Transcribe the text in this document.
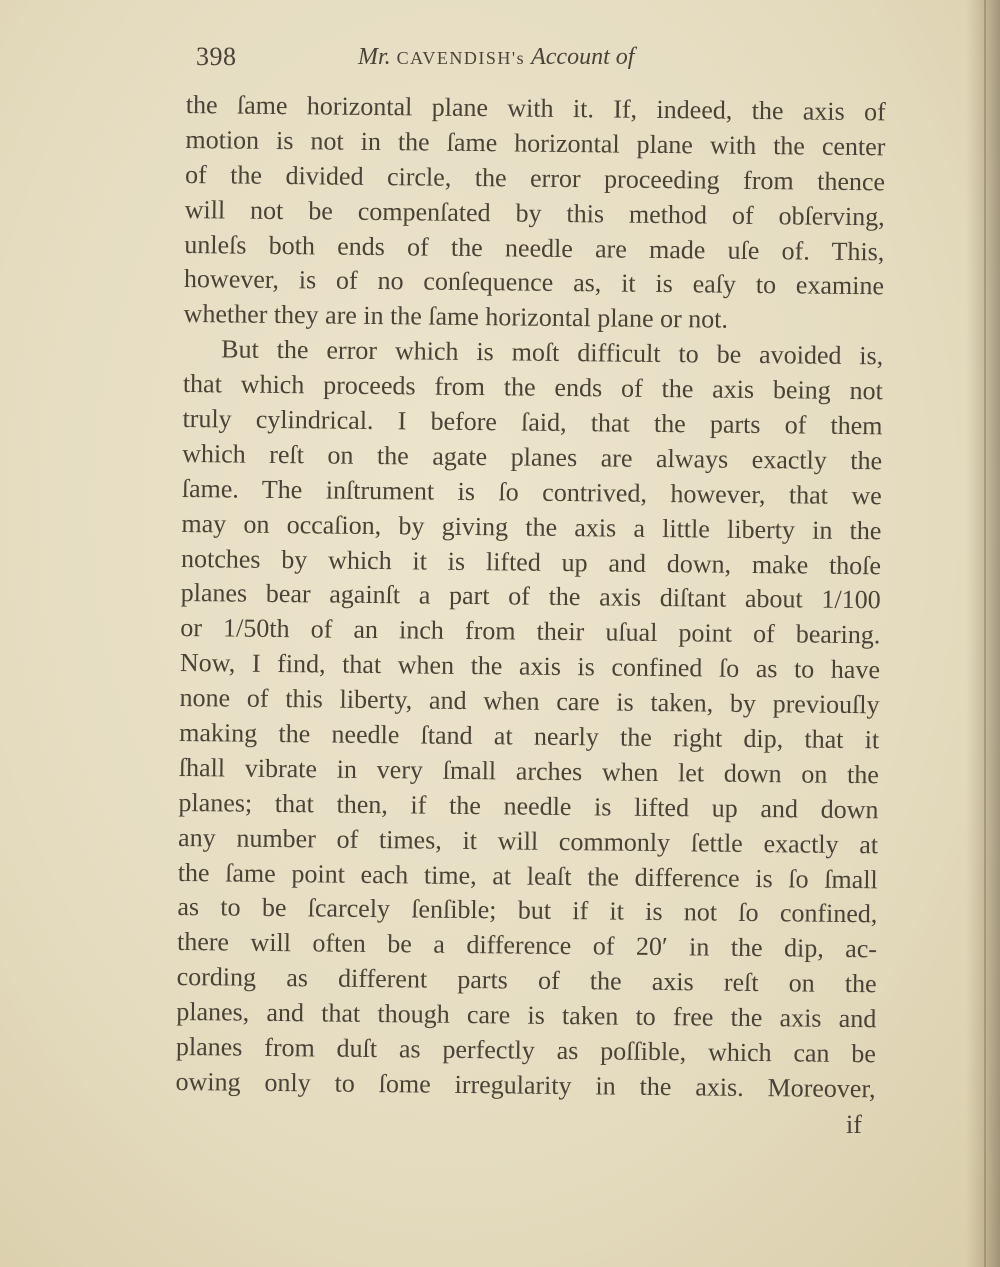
398	Mr. CAVENDISH's Account of
the ſame horizontal plane with it. If, indeed, the axis of
motion is not in the ſame horizontal plane with the center
of the divided circle, the error proceeding from thence
will not be compenſated by this method of obſerving,
unleſs both ends of the needle are made uſe of. This,
however, is of no conſequence as, it is eaſy to examine
whether they are in the ſame horizontal plane or not.
But the error which is moſt difficult to be avoided is,
that which proceeds from the ends of the axis being not
truly cylindrical. I before ſaid, that the parts of them
which reſt on the agate planes are always exactly the
ſame. The inſtrument is ſo contrived, however, that we
may on occaſion, by giving the axis a little liberty in the
notches by which it is lifted up and down, make thoſe
planes bear againſt a part of the axis diſtant about 1/100
or 1/50th of an inch from their uſual point of bearing.
Now, I find, that when the axis is confined ſo as to have
none of this liberty, and when care is taken, by previouſly
making the needle ſtand at nearly the right dip, that it
ſhall vibrate in very ſmall arches when let down on the
planes; that then, if the needle is lifted up and down
any number of times, it will commonly ſettle exactly at
the ſame point each time, at leaſt the difference is ſo ſmall
as to be ſcarcely ſenſible; but if it is not ſo confined,
there will often be a difference of 20′ in the dip, ac-
cording as different parts of the axis reſt on the
planes, and that though care is taken to free the axis and
planes from duſt as perfectly as poſſible, which can be
owing only to ſome irregularity in the axis. Moreover,
if
